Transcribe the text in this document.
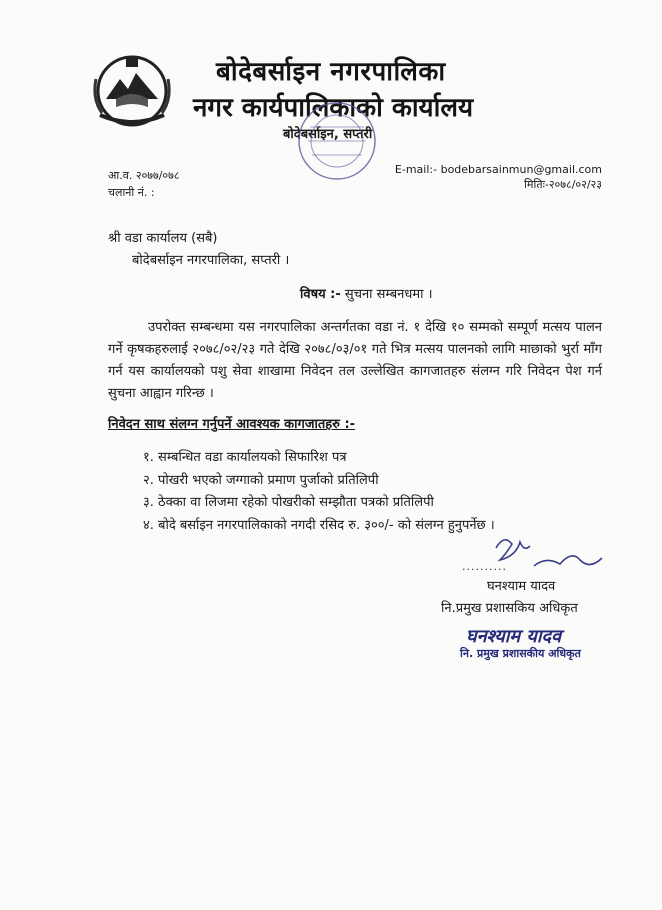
बोदेबर्साइन नगरपालिका
नगर कार्यपालिकाको कार्यालय
बोदेबर्साइन, सप्तरी
आ.व. २०७७/०७८
चलानी नं. :
E-mail:- bodebarsainmun@gmail.com
मितिः-२०७८/०२/२३
श्री वडा कार्यालय (सबै)
बोदेबर्साइन नगरपालिका, सप्तरी ।
विषय :- सुचना सम्बनधमा ।
उपरोक्त सम्बन्धमा यस नगरपालिका अन्तर्गतका वडा नं. १ देखि १० सम्मको सम्पूर्ण मत्सय पालन गर्ने कृषकहरुलाई २०७८/०२/२३ गते देखि २०७८/०३/०१ गते भित्र मत्सय पालनको लागि माछाको भुर्रा माँग गर्न यस कार्यालयको पशु सेवा शाखामा निवेदन तल उल्लेखित कागजातहरु संलग्न गरि निवेदन पेश गर्न सुचना आह्वान गरिन्छ ।
निवेदन साथ संलग्न गर्नुपर्ने आवश्यक कागजातहरु :-
१. सम्बन्धित वडा कार्यालयको सिफारिश पत्र
२. पोखरी भएको जग्गाको प्रमाण पुर्जाको प्रतिलिपी
३. ठेक्का वा लिजमा रहेको पोखरीको सम्झौता पत्रको प्रतिलिपी
४. बोदे बर्साइन नगरपालिकाको नगदी रसिद रु. ३००/- को संलग्न हुनुपर्नेछ ।
..........
घनश्याम यादव
नि.प्रमुख प्रशासकिय अधिकृत
घनश्याम यादव
नि. प्रमुख प्रशासकीय अधिकृत
